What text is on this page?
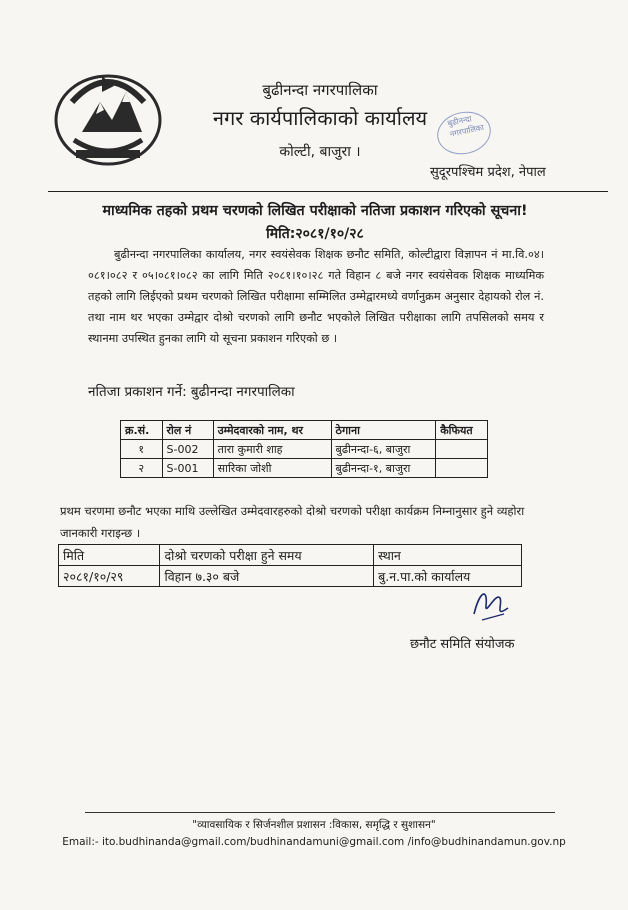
बुढीनन्दा नगरपालिका
नगर कार्यपालिकाको कार्यालय
कोल्टी, बाजुरा ।
बुढीनन्दा नगरपालिका
सुदूरपश्चिम प्रदेश, नेपाल
माध्यमिक तहको प्रथम चरणको लिखित परीक्षाको नतिजा प्रकाशन गरिएको सूचना!
मिति:२०८१/१०/२८
बुढीनन्दा नगरपालिका कार्यालय, नगर स्वयंसेवक शिक्षक छनौट समिति, कोल्टीद्वारा विज्ञापन नं मा.वि.०४।०८१।०८२ र ०५।०८१।०८२ का लागि मिति २०८१।१०।२८ गते विहान ८ बजे नगर स्वयंसेवक शिक्षक माध्यमिक तहको लागि लिईएको प्रथम चरणको लिखित परीक्षामा सम्मिलित उम्मेद्वारमध्ये वर्णानुक्रम अनुसार देहायको रोल नं. तथा नाम थर भएका उम्मेद्वार दोश्रो चरणको लागि छनौट भएकोले लिखित परीक्षाका लागि तपसिलको समय र स्थानमा उपस्थित हुनका लागि यो सूचना प्रकाशन गरिएको छ ।
नतिजा प्रकाशन गर्ने: बुढीनन्दा नगरपालिका
क्र.सं.	रोल नं	उम्मेदवारको नाम, थर	ठेगाना	कैफियत
१	S-002	तारा कुमारी शाह	बुढीनन्दा-६, बाजुरा	
२	S-001	सारिका जोशी	बुढीनन्दा-१, बाजुरा	
प्रथम चरणमा छनौट भएका माथि उल्लेखित उम्मेदवारहरुको दोश्रो चरणको परीक्षा कार्यक्रम निम्नानुसार हुने व्यहोरा जानकारी गराइन्छ ।
मिति	दोश्रो चरणको परीक्षा हुने समय	स्थान
२०८१/१०/२९	विहान ७.३० बजे	बु.न.पा.को कार्यालय
छनौट समिति संयोजक
"व्यावसायिक र सिर्जनशील प्रशासन :विकास, समृद्धि र सुशासन"
Email:- ito.budhinanda@gmail.com/budhinandamuni@gmail.com /info@budhinandamun.gov.np
